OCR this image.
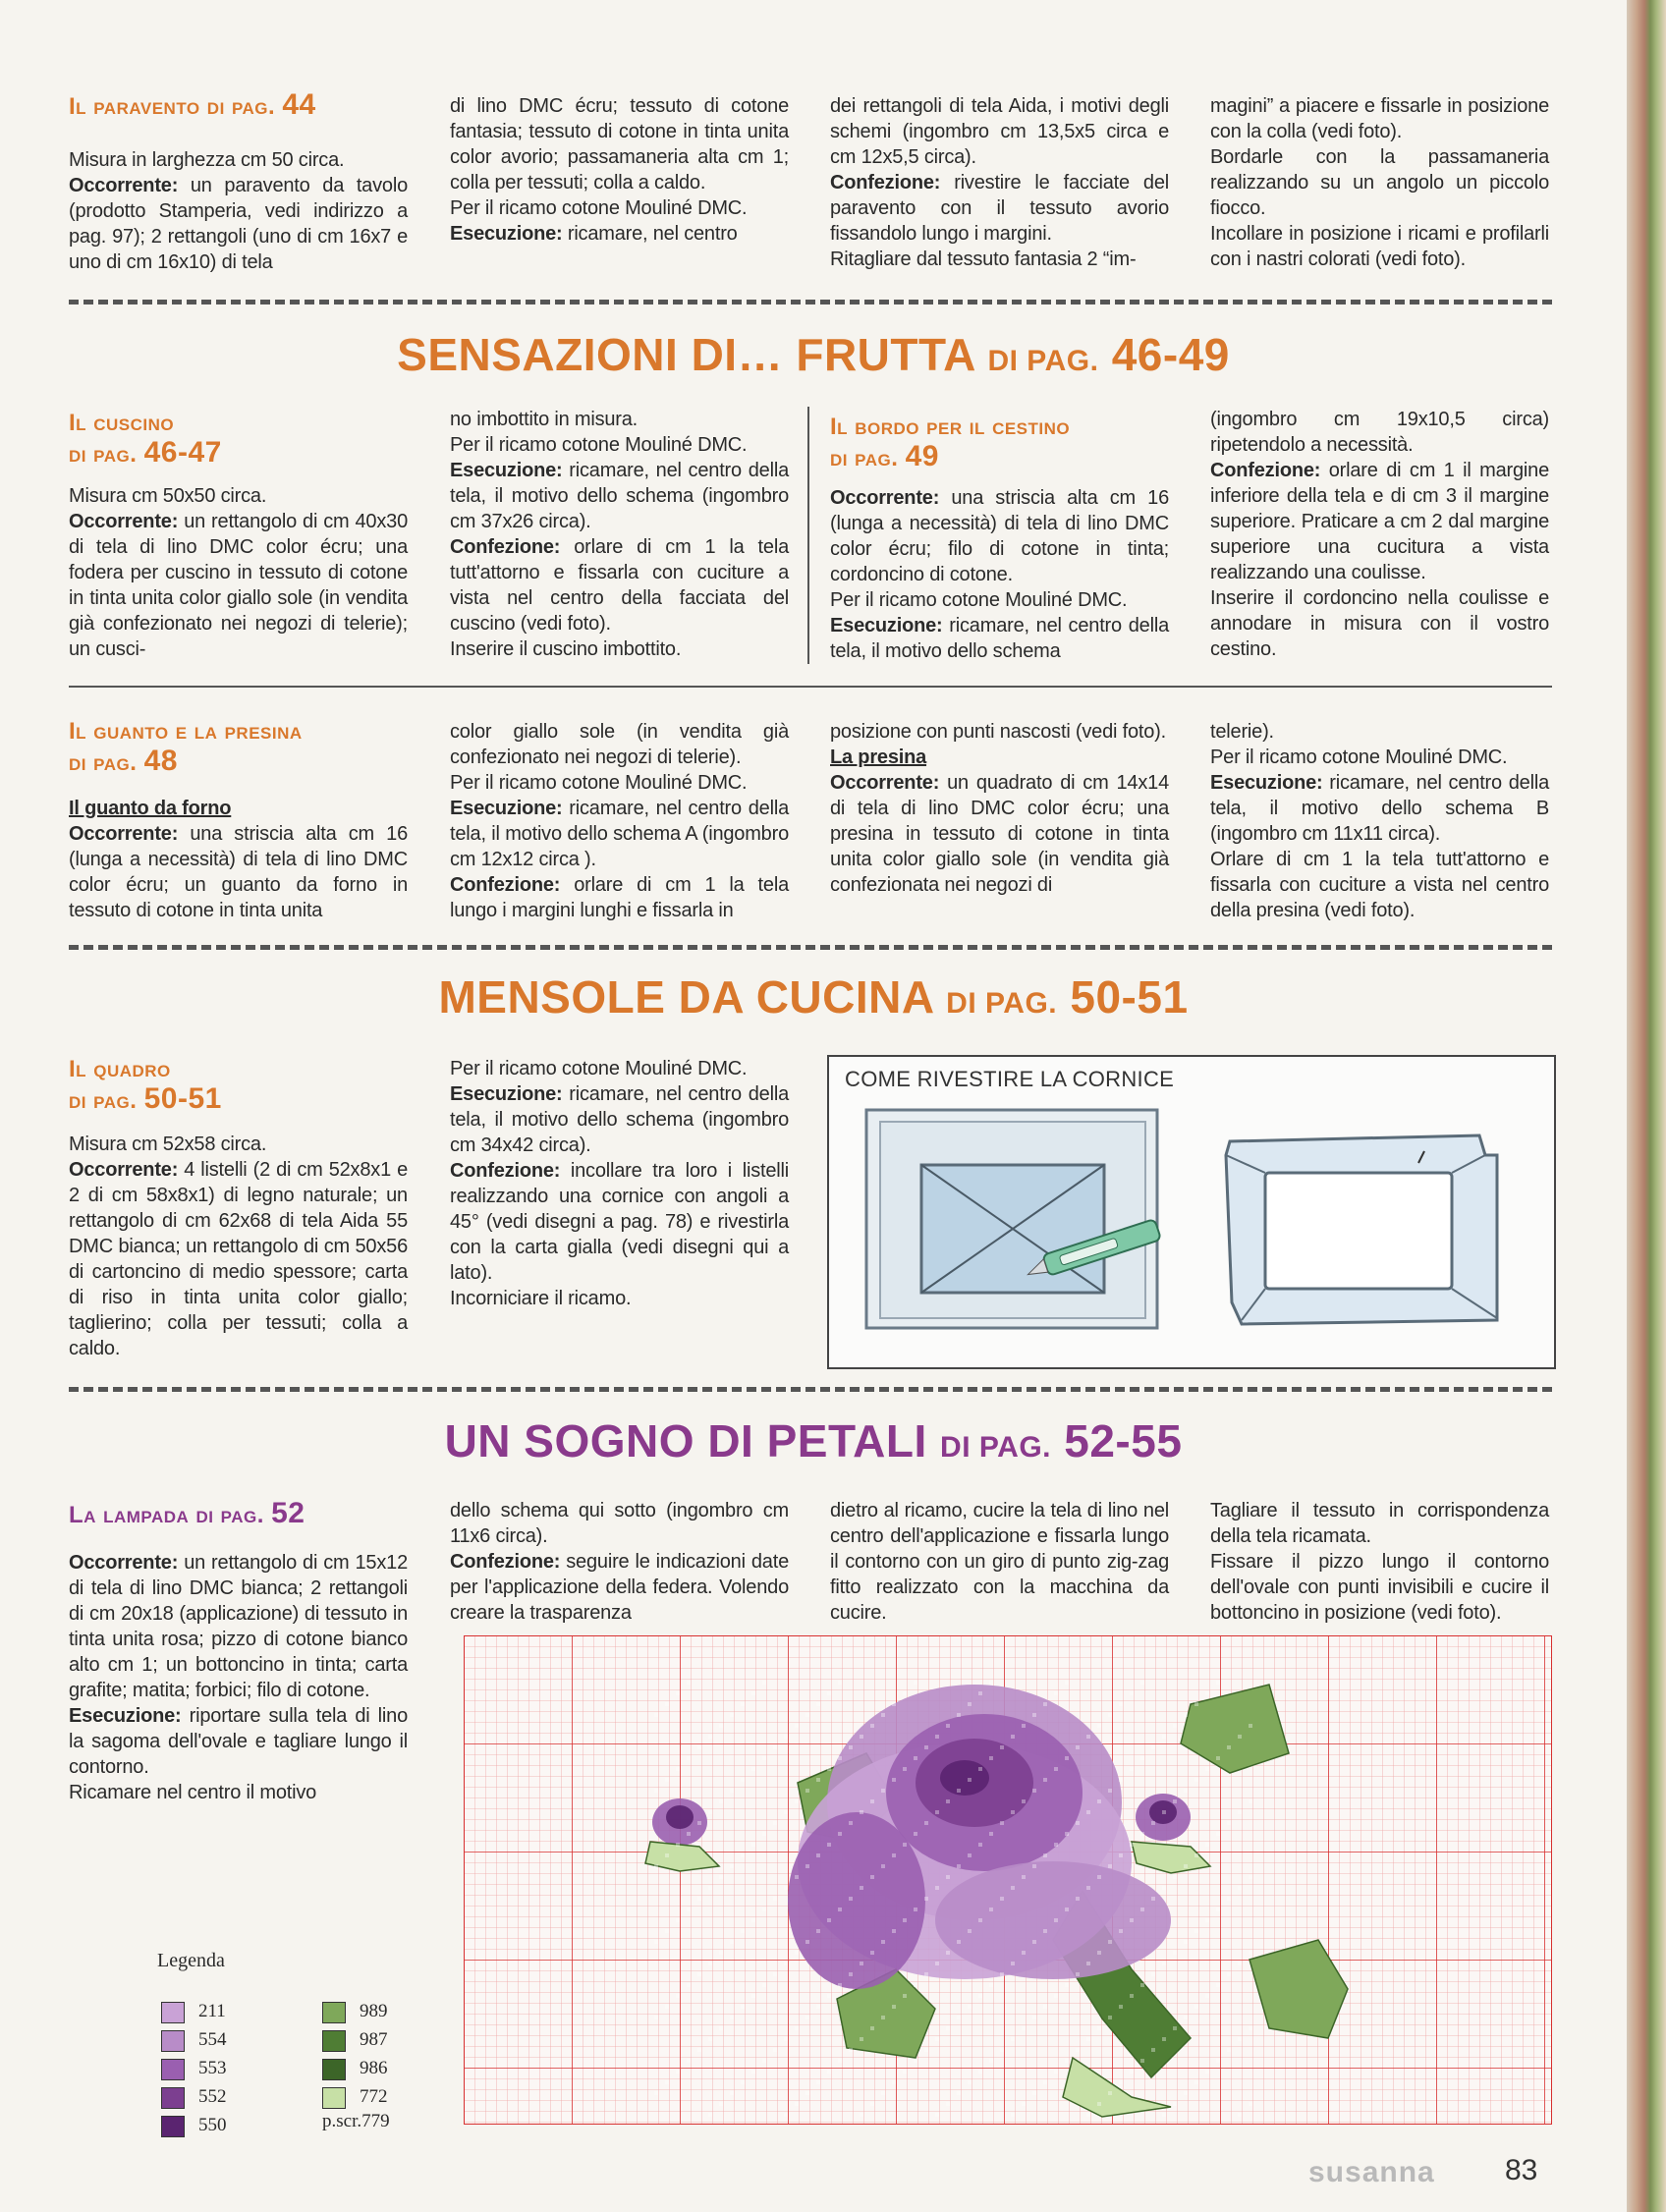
Il paravento di pag. 44

Misura in larghezza cm 50 circa.

Occorrente: un paravento da tavolo (prodotto Stamperia, vedi indirizzo a pag. 97); 2 rettangoli (uno di cm 16x7 e uno di cm 16x10) di tela

di lino DMC écru; tessuto di cotone fantasia; tessuto di cotone in tinta unita color avorio; passamaneria alta cm 1; colla per tessuti; colla a caldo.

Per il ricamo cotone Mouliné DMC.

Esecuzione: ricamare, nel centro

dei rettangoli di tela Aida, i motivi degli schemi (ingombro cm 13,5x5 circa e cm 12x5,5 circa).

Confezione: rivestire le facciate del paravento con il tessuto avorio fissandolo lungo i margini.

Ritagliare dal tessuto fantasia 2 “im-

magini” a piacere e fissarle in posizione con la colla (vedi foto).

Bordarle con la passamaneria realizzando su un angolo un piccolo fiocco.

Incollare in posizione i ricami e profilarli con i nastri colorati (vedi foto).

SENSAZIONI DI… FRUTTA DI PAG. 46-49
Il cuscino
di pag. 46-47

Misura cm 50x50 circa.

Occorrente: un rettangolo di cm 40x30 di tela di lino DMC color écru; una fodera per cuscino in tessuto di cotone in tinta unita color giallo sole (in vendita già confezionato nei negozi di telerie); un cusci-

no imbottito in misura.

Per il ricamo cotone Mouliné DMC.

Esecuzione: ricamare, nel centro della tela, il motivo dello schema (ingombro cm 37x26 circa).

Confezione: orlare di cm 1 la tela tutt'attorno e fissarla con cuciture a vista nel centro della facciata del cuscino (vedi foto).

Inserire il cuscino imbottito.

Il bordo per il cestino
di pag. 49

Occorrente: una striscia alta cm 16 (lunga a necessità) di tela di lino DMC color écru; filo di cotone in tinta; cordoncino di cotone.

Per il ricamo cotone Mouliné DMC.

Esecuzione: ricamare, nel centro della tela, il motivo dello schema

(ingombro cm 19x10,5 circa) ripetendolo a necessità.

Confezione: orlare di cm 1 il margine inferiore della tela e di cm 3 il margine superiore. Praticare a cm 2 dal margine superiore una cucitura a vista realizzando una coulisse.

Inserire il cordoncino nella coulisse e annodare in misura con il vostro cestino.

Il guanto e la presina
di pag. 48

Il guanto da forno

Occorrente: una striscia alta cm 16 (lunga a necessità) di tela di lino DMC color écru; un guanto da forno in tessuto di cotone in tinta unita

color giallo sole (in vendita già confezionato nei negozi di telerie).

Per il ricamo cotone Mouliné DMC.

Esecuzione: ricamare, nel centro della tela, il motivo dello schema A (ingombro cm 12x12 circa ).

Confezione: orlare di cm 1 la tela lungo i margini lunghi e fissarla in

posizione con punti nascosti (vedi foto).

La presina

Occorrente: un quadrato di cm 14x14 di tela di lino DMC color écru; una presina in tessuto di cotone in tinta unita color giallo sole (in vendita già confezionata nei negozi di

telerie).

Per il ricamo cotone Mouliné DMC.

Esecuzione: ricamare, nel centro della tela, il motivo dello schema B (ingombro cm 11x11 circa).

Orlare di cm 1 la tela tutt'attorno e fissarla con cuciture a vista nel centro della presina (vedi foto).

MENSOLE DA CUCINA DI PAG. 50-51
Il quadro
di pag. 50-51

Misura cm 52x58 circa.

Occorrente: 4 listelli (2 di cm 52x8x1 e 2 di cm 58x8x1) di legno naturale; un rettangolo di cm 62x68 di tela Aida 55 DMC bianca; un rettangolo di cm 50x56 di cartoncino di medio spessore; carta di riso in tinta unita color giallo; taglierino; colla per tessuti; colla a caldo.

Per il ricamo cotone Mouliné DMC.

Esecuzione: ricamare, nel centro della tela, il motivo dello schema (ingombro cm 34x42 circa).

Confezione: incollare tra loro i listelli realizzando una cornice con angoli a 45° (vedi disegni a pag. 78) e rivestirla con la carta gialla (vedi disegni qui a lato).

Incorniciare il ricamo.

COME RIVESTIRE LA CORNICE
UN SOGNO DI PETALI DI PAG. 52-55
La lampada di pag. 52

Occorrente: un rettangolo di cm 15x12 di tela di lino DMC bianca; 2 rettangoli di cm 20x18 (applicazione) di tessuto in tinta unita rosa; pizzo di cotone bianco alto cm 1; un bottoncino in tinta; carta grafite; matita; forbici; filo di cotone.

Esecuzione: riportare sulla tela di lino la sagoma dell'ovale e tagliare lungo il contorno.

Ricamare nel centro il motivo

dello schema qui sotto (ingombro cm 11x6 circa).

Confezione: seguire le indicazioni date per l'applicazione della federa. Volendo creare la trasparenza

dietro al ricamo, cucire la tela di lino nel centro dell'applicazione e fissarla lungo il contorno con un giro di punto zig-zag fitto realizzato con la macchina da cucire.

Tagliare il tessuto in corrispondenza della tela ricamata.

Fissare il pizzo lungo il contorno dell'ovale con punti invisibili e cucire il bottoncino in posizione (vedi foto).

Legenda
211
554
553
552
550
989
987
986
772
p.scr.779
susanna 83
